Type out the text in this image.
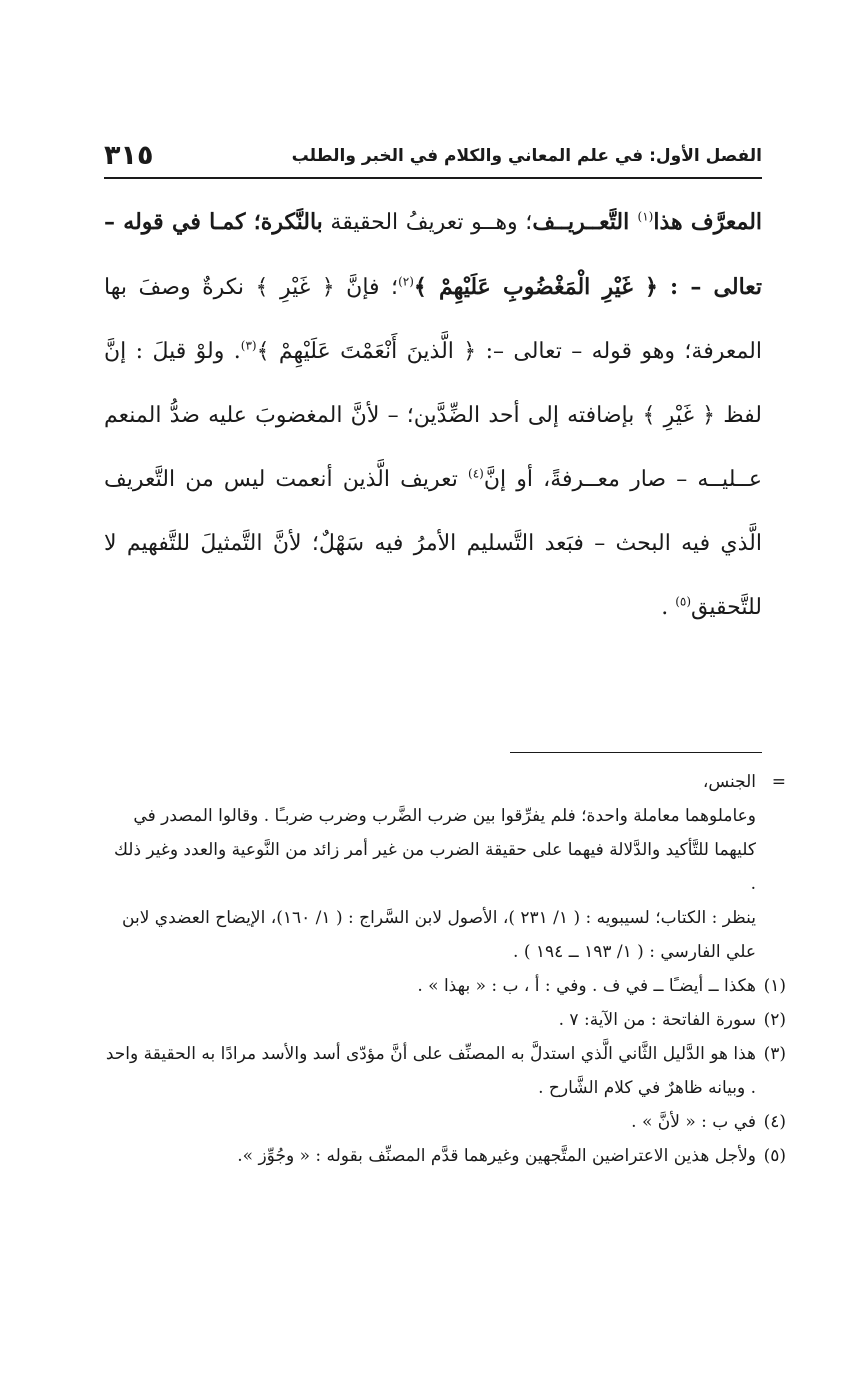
الفصل الأول: في علم المعاني والكلام في الخبر والطلب
٣١٥

المعرَّف هذا$^{(١)}$ التَّعــريــف؛ وهــو تعريفُ الحقيقة بالنَّكرة؛ كمـا في قوله – تعالى – : ﴿ غَيْرِ الْمَغْضُوبِ عَلَيْهِمْ ﴾$^{(٢)}$؛ فإنَّ ﴿ غَيْرِ ﴾ نكرةٌ وصفَ بها المعرفة؛ وهو قوله – تعالى –: ﴿ الَّذينَ أَنْعَمْتَ عَلَيْهِمْ ﴾$^{(٣)}$. ولوْ قيلَ : إنَّ لفظ ﴿ غَيْرِ ﴾ بإضافته إلى أحد الضِّدَّين؛ – لأنَّ المغضوبَ عليه ضدُّ المنعم عــليــه – صار معــرفةً، أو إنَّ$^{(٤)}$ تعريف الَّذين أنعمت ليس من التَّعريف الَّذي فيه البحث – فبَعد التَّسليم الأمرُ فيه سَهْلٌ؛ لأنَّ التَّمثيلَ للتَّفهيم لا للتَّحقيق$^{(٥)}$ .

=
الجنس،

وعاملوهما معاملة واحدة؛ فلم يفرِّقوا بين ضرب الضَّرب وضرب ضربـًا . وقالوا المصدر في كليهما للتَّأكيد والدَّلالة فيهما على حقيقة الضرب من غير أمر زائد من النَّوعية والعدد وغير ذلك .

ينظر : الكتاب؛ لسيبويه : ( ١/ ٢٣١ )، الأصول لابن السَّراج : ( ١/ ١٦٠)، الإيضاح العضدي لابن علي الفارسي : ( ١/ ١٩٣ ــ ١٩٤ ) .

(١)
هكذا ــ أيضـًا ــ في ف . وفي : أ ، ب : « بهذا » .

(٢)
سورة الفاتحة : من الآية: ٧ .

(٣)
هذا هو الدَّليل الثَّاني الَّذي استدلَّ به المصنِّف على أنَّ مؤدّى أسد والأسد مرادًا به الحقيقة واحد . وبيانه ظاهرٌ في كلام الشَّارح .

(٤)
في ب : « لأنَّ » .

(٥)
ولأجل هذين الاعتراضين المتَّجهين وغيرهما قدَّم المصنِّف بقوله : « وجُوِّز ».
